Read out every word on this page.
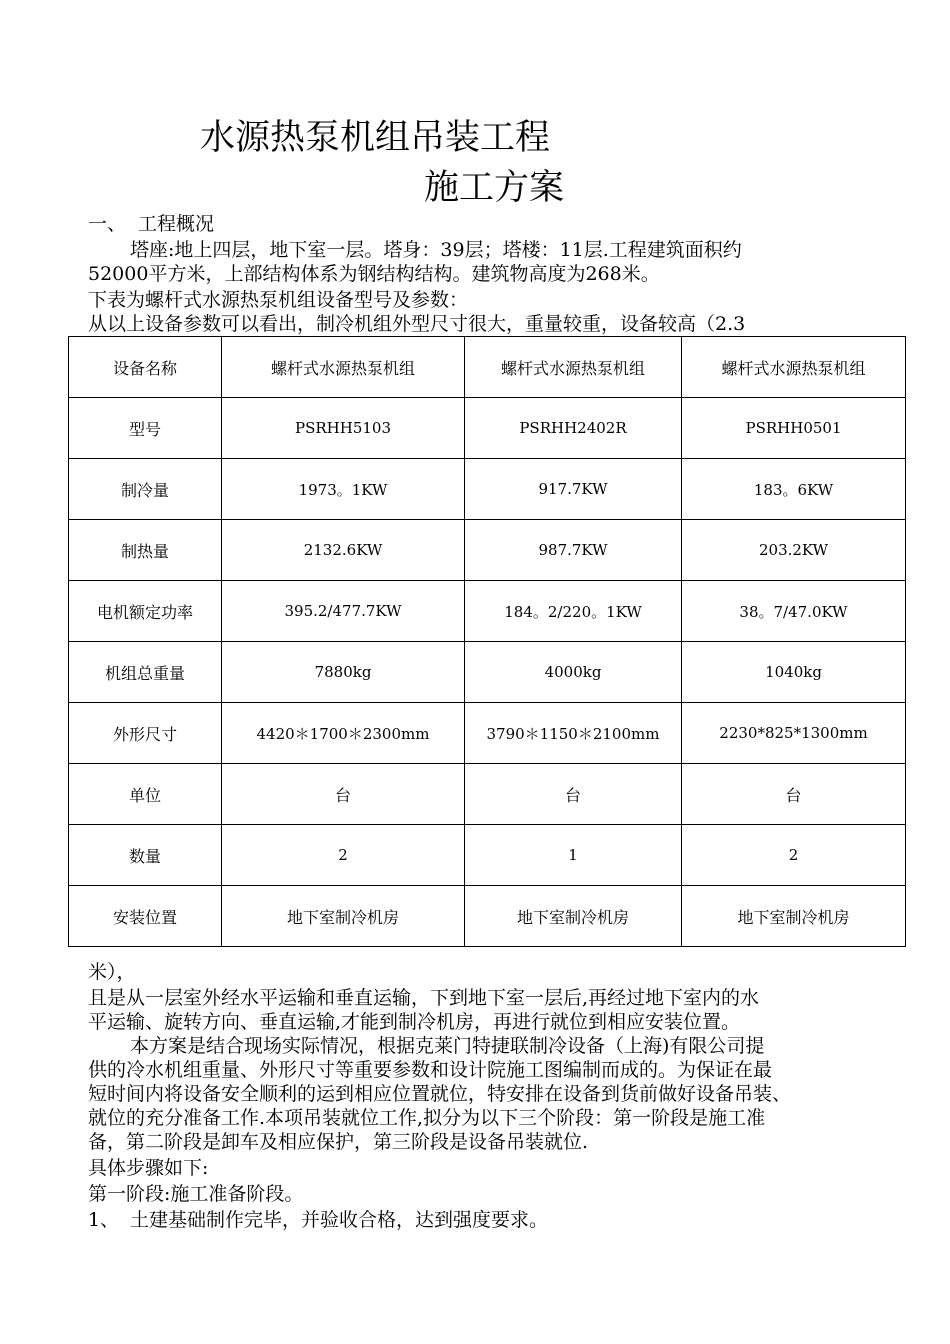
水源热泵机组吊装工程
施工方案
一、 工程概况
塔座:地上四层，地下室一层。塔身：39层；塔楼：11层.工程建筑面积约
52000平方米，上部结构体系为钢结构结构。建筑物高度为268米。
下表为螺杆式水源热泵机组设备型号及参数：
从以上设备参数可以看出，制冷机组外型尺寸很大，重量较重，设备较高（2.3
设备名称	螺杆式水源热泵机组	螺杆式水源热泵机组	螺杆式水源热泵机组
型号	PSRHH5103	PSRHH2402R	PSRHH0501
制冷量	1973。1KW	917.7KW	183。6KW
制热量	2132.6KW	987.7KW	203.2KW
电机额定功率	395.2/477.7KW	184。2/220。1KW	38。7/47.0KW
机组总重量	7880kg	4000kg	1040kg
外形尺寸	4420＊1700＊2300mm	3790＊1150＊2100mm	2230*825*1300mm
单位	台	台	台
数量	2	1	2
安装位置	地下室制冷机房	地下室制冷机房	地下室制冷机房
米），
且是从一层室外经水平运输和垂直运输，下到地下室一层后,再经过地下室内的水
平运输、旋转方向、垂直运输,才能到制冷机房，再进行就位到相应安装位置。
本方案是结合现场实际情况，根据克莱门特捷联制冷设备（上海)有限公司提
供的冷水机组重量、外形尺寸等重要参数和设计院施工图编制而成的。为保证在最
短时间内将设备安全顺利的运到相应位置就位，特安排在设备到货前做好设备吊装、
就位的充分准备工作.本项吊装就位工作,拟分为以下三个阶段：第一阶段是施工准
备，第二阶段是卸车及相应保护，第三阶段是设备吊装就位.
具体步骤如下:
第一阶段:施工准备阶段。
1、 土建基础制作完毕，并验收合格，达到强度要求。
